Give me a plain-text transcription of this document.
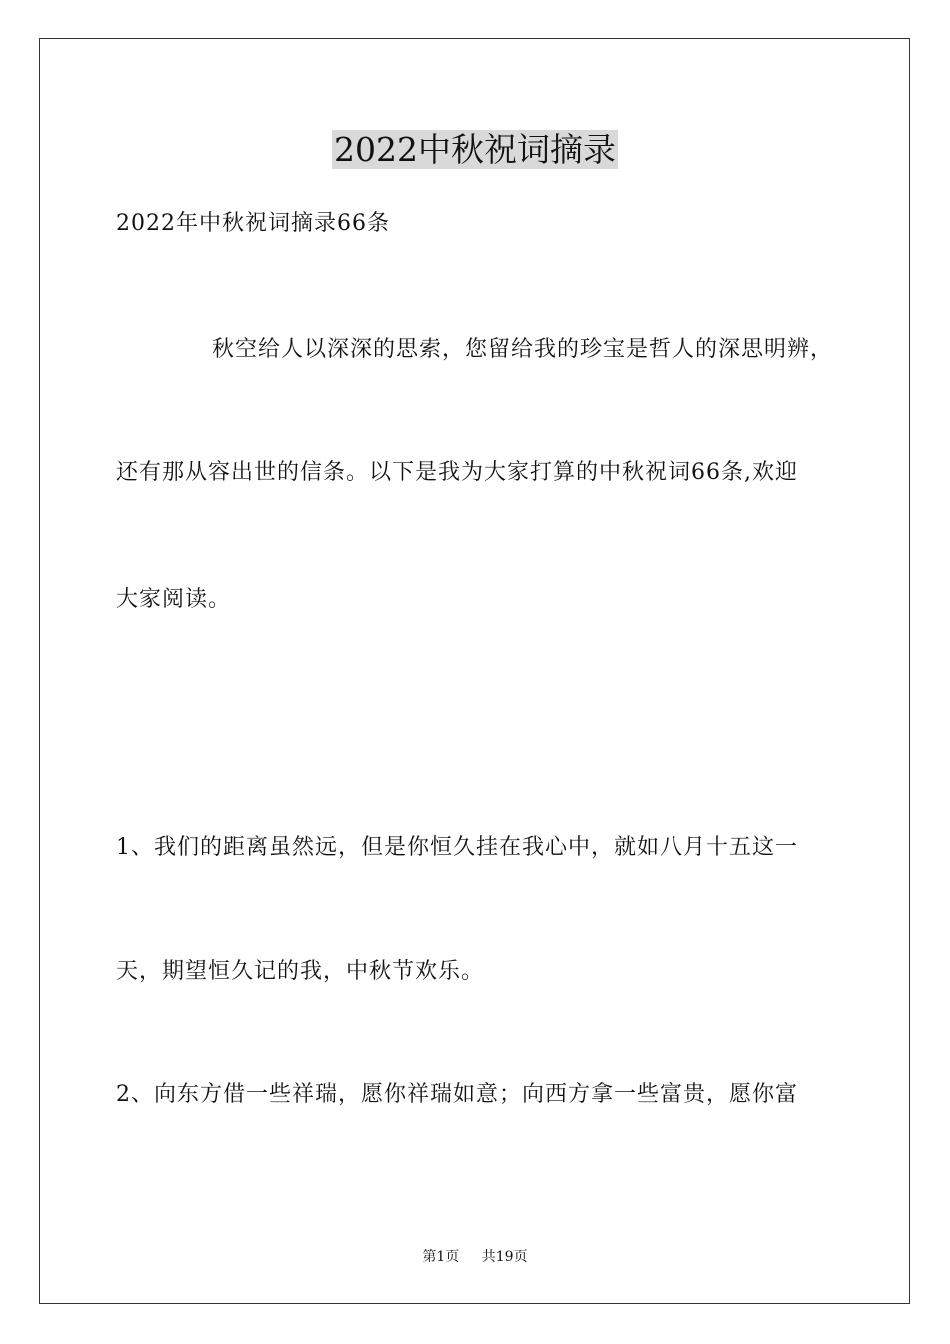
2022中秋祝词摘录
2022年中秋祝词摘录66条
秋空给人以深深的思索，您留给我的珍宝是哲人的深思明辨，
还有那从容出世的信条。以下是我为大家打算的中秋祝词66条,欢迎
大家阅读。
1、我们的距离虽然远，但是你恒久挂在我心中，就如八月十五这一
天，期望恒久记的我，中秋节欢乐。
2、向东方借一些祥瑞，愿你祥瑞如意；向西方拿一些富贵，愿你富
第1页 共19页
